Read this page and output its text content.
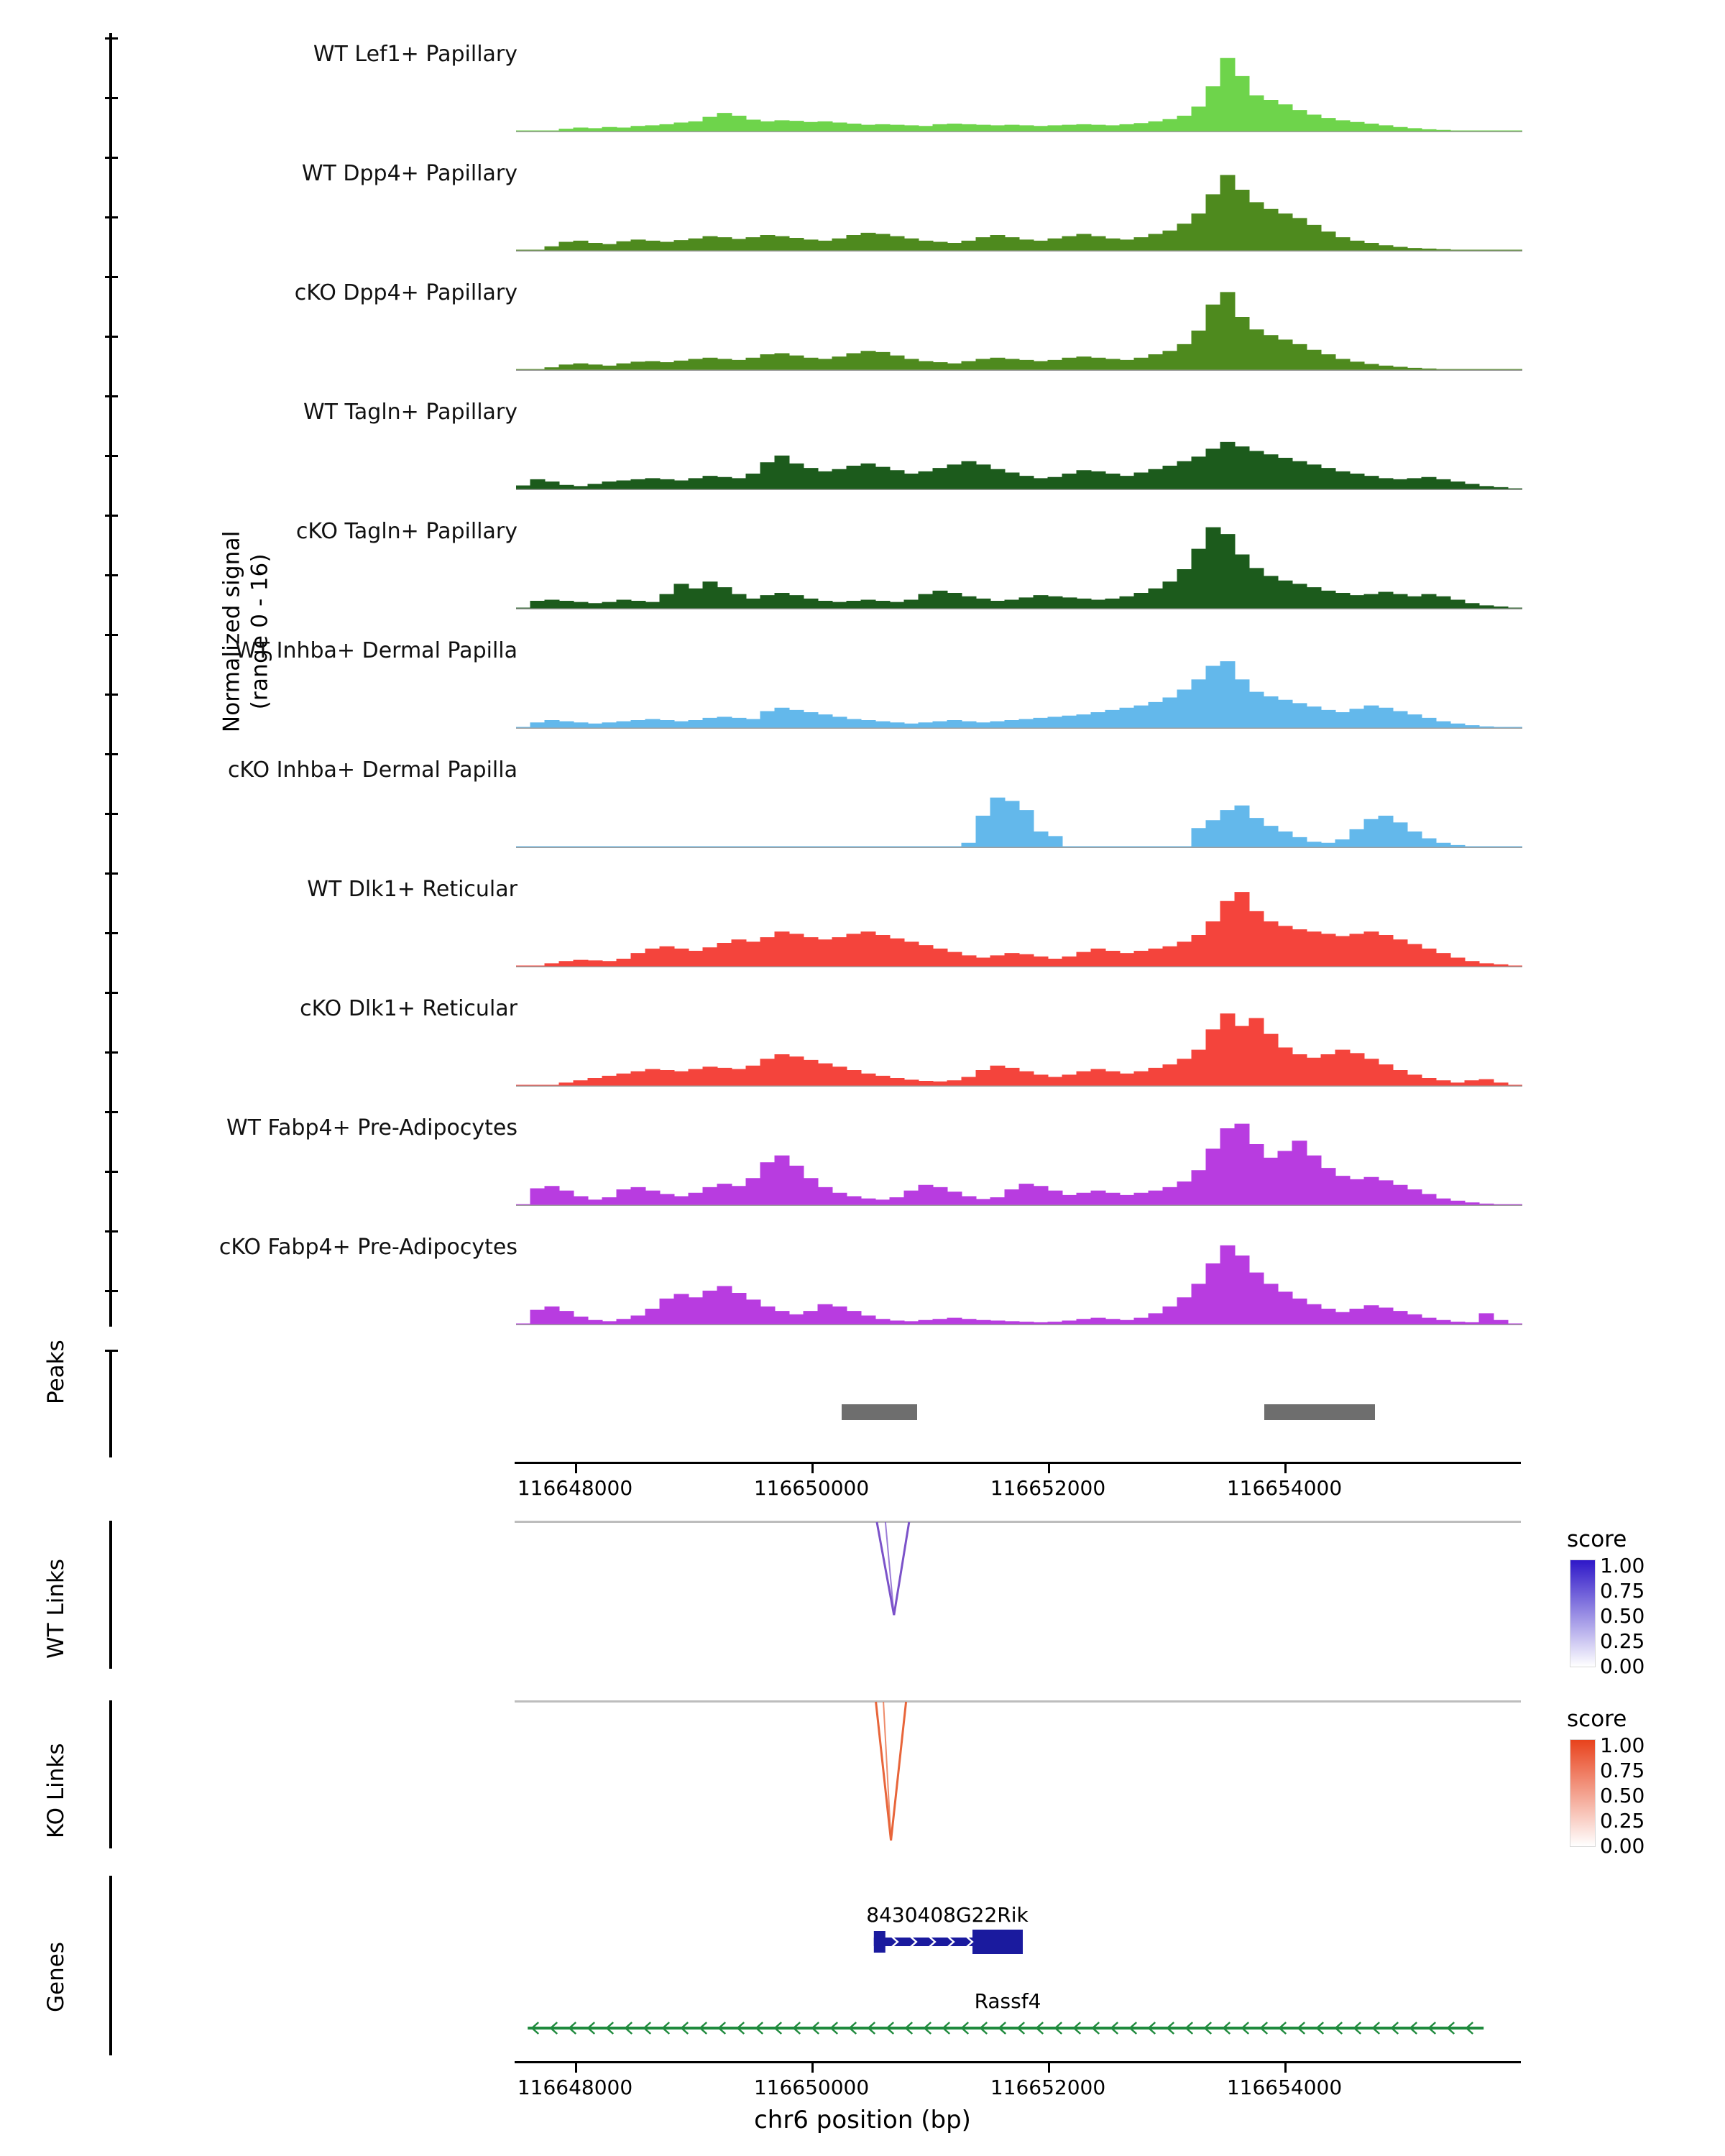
Normalized signal
(range 0 - 16)
WT Lef1+ Papillary
WT Dpp4+ Papillary
cKO Dpp4+ Papillary
WT Tagln+ Papillary
cKO Tagln+ Papillary
WT Inhba+ Dermal Papilla
cKO Inhba+ Dermal Papilla
WT Dlk1+ Reticular
cKO Dlk1+ Reticular
WT Fabp4+ Pre-Adipocytes
cKO Fabp4+ Pre-Adipocytes
Peaks
116648000	116650000	116652000	116654000
WT Links
score
1.00
0.75
0.50
0.25
0.00
KO Links
score
1.00
0.75
0.50
0.25
0.00
Genes
8430408G22Rik
Rassf4
116648000	116650000	116652000	116654000
chr6 position (bp)
